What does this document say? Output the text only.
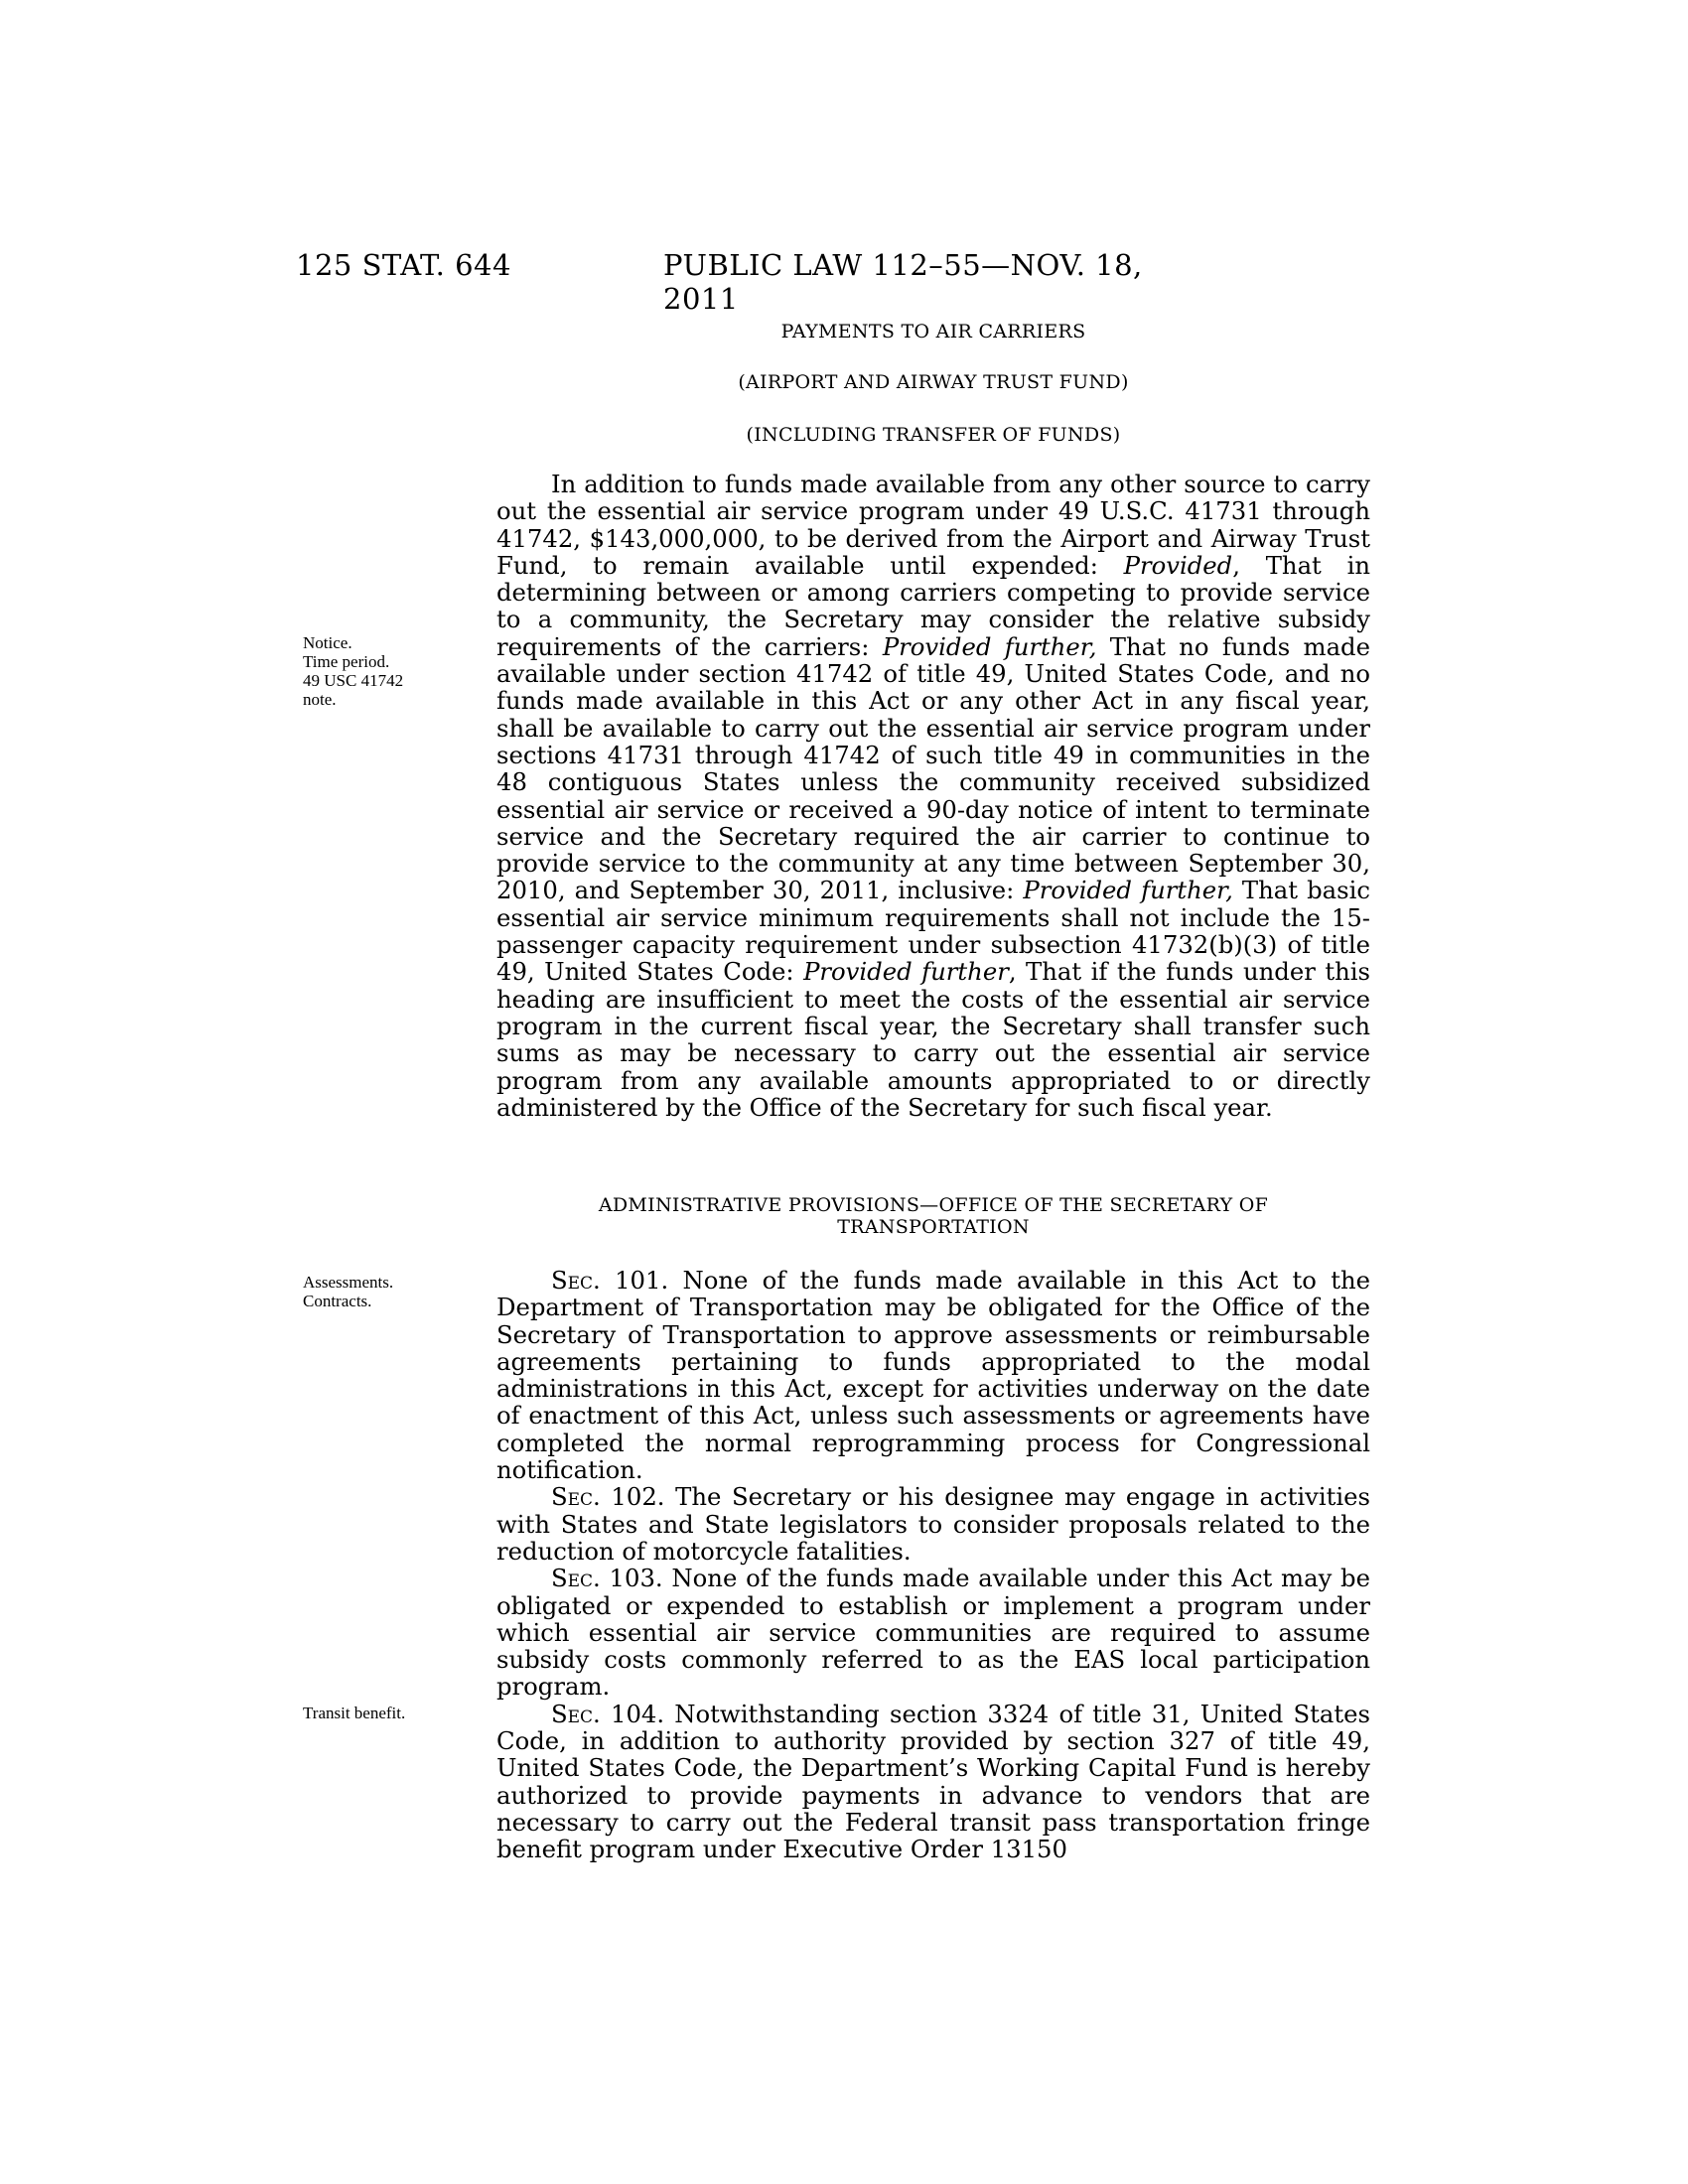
125 STAT. 644	PUBLIC LAW 112–55—NOV. 18, 2011
PAYMENTS TO AIR CARRIERS
(AIRPORT AND AIRWAY TRUST FUND)
(INCLUDING TRANSFER OF FUNDS)

In addition to funds made available from any other source to carry out the essential air service program under 49 U.S.C. 41731 through 41742, $143,000,000, to be derived from the Airport and Airway Trust Fund, to remain available until expended: Provided, That in determining between or among carriers competing to provide service to a community, the Secretary may consider the relative subsidy requirements of the carriers: Provided further, That no funds made available under section 41742 of title 49, United States Code, and no funds made available in this Act or any other Act in any fiscal year, shall be available to carry out the essential air service program under sections 41731 through 41742 of such title 49 in communities in the 48 contiguous States unless the community received subsidized essential air service or received a 90-day notice of intent to terminate service and the Secretary required the air carrier to continue to provide service to the community at any time between September 30, 2010, and September 30, 2011, inclusive: Provided further, That basic essential air service minimum requirements shall not include the 15-passenger capacity requirement under subsection 41732(b)(3) of title 49, United States Code: Provided further, That if the funds under this heading are insufficient to meet the costs of the essential air service program in the current fiscal year, the Secretary shall transfer such sums as may be necessary to carry out the essential air service program from any available amounts appropriated to or directly administered by the Office of the Secretary for such fiscal year.

Notice.
Time period.
49 USC 41742
note.
ADMINISTRATIVE PROVISIONS—OFFICE OF THE SECRETARY OF
TRANSPORTATION
Assessments.
Contracts.

Sec. 101. None of the funds made available in this Act to the Department of Transportation may be obligated for the Office of the Secretary of Transportation to approve assessments or reimbursable agreements pertaining to funds appropriated to the modal administrations in this Act, except for activities underway on the date of enactment of this Act, unless such assessments or agreements have completed the normal reprogramming process for Congressional notification.

Sec. 102. The Secretary or his designee may engage in activities with States and State legislators to consider proposals related to the reduction of motorcycle fatalities.

Sec. 103. None of the funds made available under this Act may be obligated or expended to establish or implement a program under which essential air service communities are required to assume subsidy costs commonly referred to as the EAS local participation program.

Sec. 104. Notwithstanding section 3324 of title 31, United States Code, in addition to authority provided by section 327 of title 49, United States Code, the Department’s Working Capital Fund is hereby authorized to provide payments in advance to vendors that are necessary to carry out the Federal transit pass transportation fringe benefit program under Executive Order 13150

Transit benefit.
